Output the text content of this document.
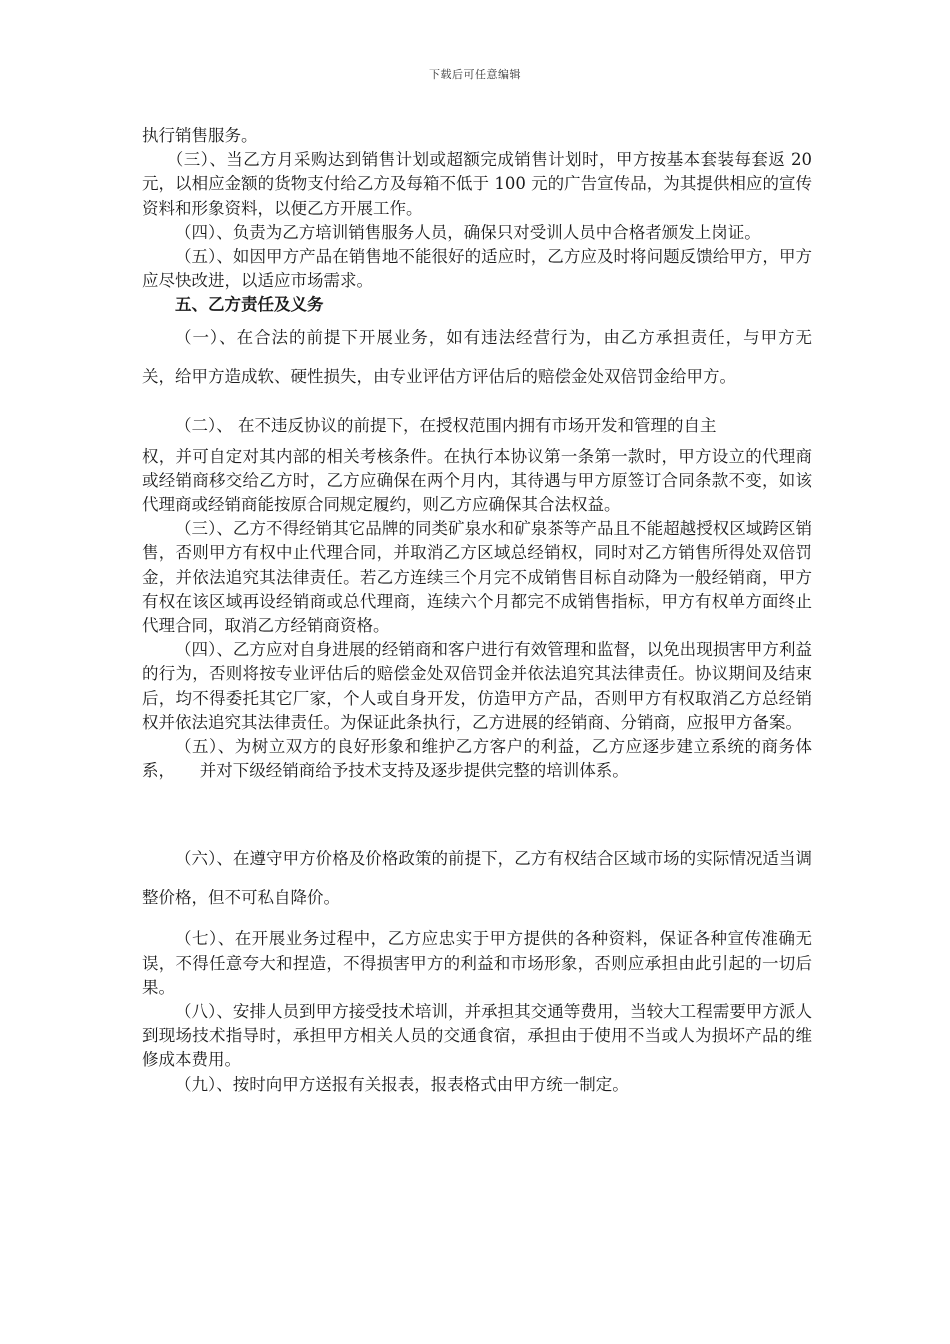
下载后可任意编辑

执行销售服务。

（三）、当乙方月采购达到销售计划或超额完成销售计划时，甲方按基本套装每套返 20 元，以相应金额的货物支付给乙方及每箱不低于 100 元的广告宣传品，为其提供相应的宣传资料和形象资料，以便乙方开展工作。

（四）、负责为乙方培训销售服务人员，确保只对受训人员中合格者颁发上岗证。

（五）、如因甲方产品在销售地不能很好的适应时，乙方应及时将问题反馈给甲方，甲方应尽快改进，以适应市场需求。

五、乙方责任及义务

（一）、在合法的前提下开展业务，如有违法经营行为，由乙方承担责任，与甲方无 关，给甲方造成软、硬性损失，由专业评估方评估后的赔偿金处双倍罚金给甲方。

（二）、 在不违反协议的前提下，在授权范围内拥有市场开发和管理的自主

权，并可自定对其内部的相关考核条件。在执行本协议第一条第一款时，甲方设立的代理商或经销商移交给乙方时，乙方应确保在两个月内，其待遇与甲方原签订合同条款不变，如该代理商或经销商能按原合同规定履约，则乙方应确保其合法权益。

（三）、乙方不得经销其它品牌的同类矿泉水和矿泉茶等产品且不能超越授权区域跨区销售，否则甲方有权中止代理合同，并取消乙方区域总经销权，同时对乙方销售所得处双倍罚金，并依法追究其法律责任。若乙方连续三个月完不成销售目标自动降为一般经销商，甲方有权在该区域再设经销商或总代理商，连续六个月都完不成销售指标，甲方有权单方面终止代理合同，取消乙方经销商资格。

（四）、乙方应对自身进展的经销商和客户进行有效管理和监督，以免出现损害甲方利益的行为，否则将按专业评估后的赔偿金处双倍罚金并依法追究其法律责任。协议期间及结束后，均不得委托其它厂家，个人或自身开发，仿造甲方产品，否则甲方有权取消乙方总经销权并依法追究其法律责任。为保证此条执行，乙方进展的经销商、分销商，应报甲方备案。

（五）、为树立双方的良好形象和维护乙方客户的利益，乙方应逐步建立系统的商务体系，　　并对下级经销商给予技术支持及逐步提供完整的培训体系。

（六）、在遵守甲方价格及价格政策的前提下，乙方有权结合区域市场的实际情况适当调整价格，但不可私自降价。

（七）、在开展业务过程中，乙方应忠实于甲方提供的各种资料，保证各种宣传准确无误，不得任意夸大和捏造，不得损害甲方的利益和市场形象，否则应承担由此引起的一切后果。

（八）、安排人员到甲方接受技术培训，并承担其交通等费用，当较大工程需要甲方派人到现场技术指导时，承担甲方相关人员的交通食宿，承担由于使用不当或人为损坏产品的维修成本费用。

（九）、按时向甲方送报有关报表，报表格式由甲方统一制定。
